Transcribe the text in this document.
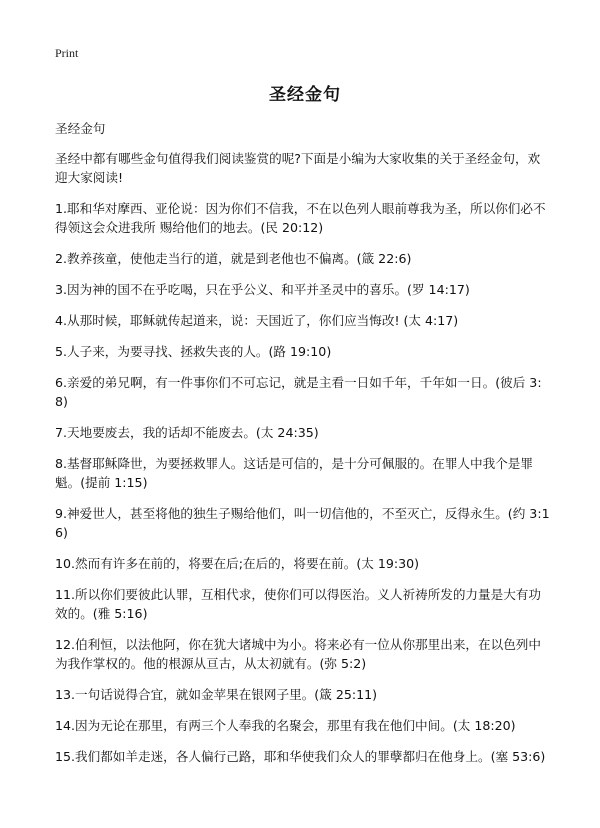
Print
圣经金句

圣经金句

圣经中都有哪些金句值得我们阅读鉴赏的呢?下面是小编为大家收集的关于圣经金句，欢迎大家阅读!

1.耶和华对摩西、亚伦说：因为你们不信我，不在以色列人眼前尊我为圣，所以你们必不得领这会众进我所 赐给他们的地去。(民 20:12)

2.教养孩童，使他走当行的道，就是到老他也不偏离。(箴 22:6)

3.因为神的国不在乎吃喝，只在乎公义、和平并圣灵中的喜乐。(罗 14:17)

4.从那时候，耶稣就传起道来，说：天国近了，你们应当悔改! (太 4:17)

5.人子来，为要寻找、拯救失丧的人。(路 19:10)

6.亲爱的弟兄啊，有一件事你们不可忘记，就是主看一日如千年，千年如一日。(彼后 3:8)

7.天地要废去，我的话却不能废去。(太 24:35)

8.基督耶稣降世，为要拯救罪人。这话是可信的，是十分可佩服的。在罪人中我个是罪魁。(提前 1:15)

9.神爱世人，甚至将他的独生子赐给他们，叫一切信他的，不至灭亡，反得永生。(约 3:16)

10.然而有许多在前的，将要在后;在后的，将要在前。(太 19:30)

11.所以你们要彼此认罪，互相代求，使你们可以得医治。义人祈祷所发的力量是大有功效的。(雅 5:16)

12.伯利恒，以法他阿，你在犹大诸城中为小。将来必有一位从你那里出来，在以色列中为我作掌权的。他的根源从亘古，从太初就有。(弥 5:2)

13.一句话说得合宜，就如金苹果在银网子里。(箴 25:11)

14.因为无论在那里，有两三个人奉我的名聚会，那里有我在他们中间。(太 18:20)

15.我们都如羊走迷，各人偏行己路，耶和华使我们众人的罪孽都归在他身上。(塞 53:6)
